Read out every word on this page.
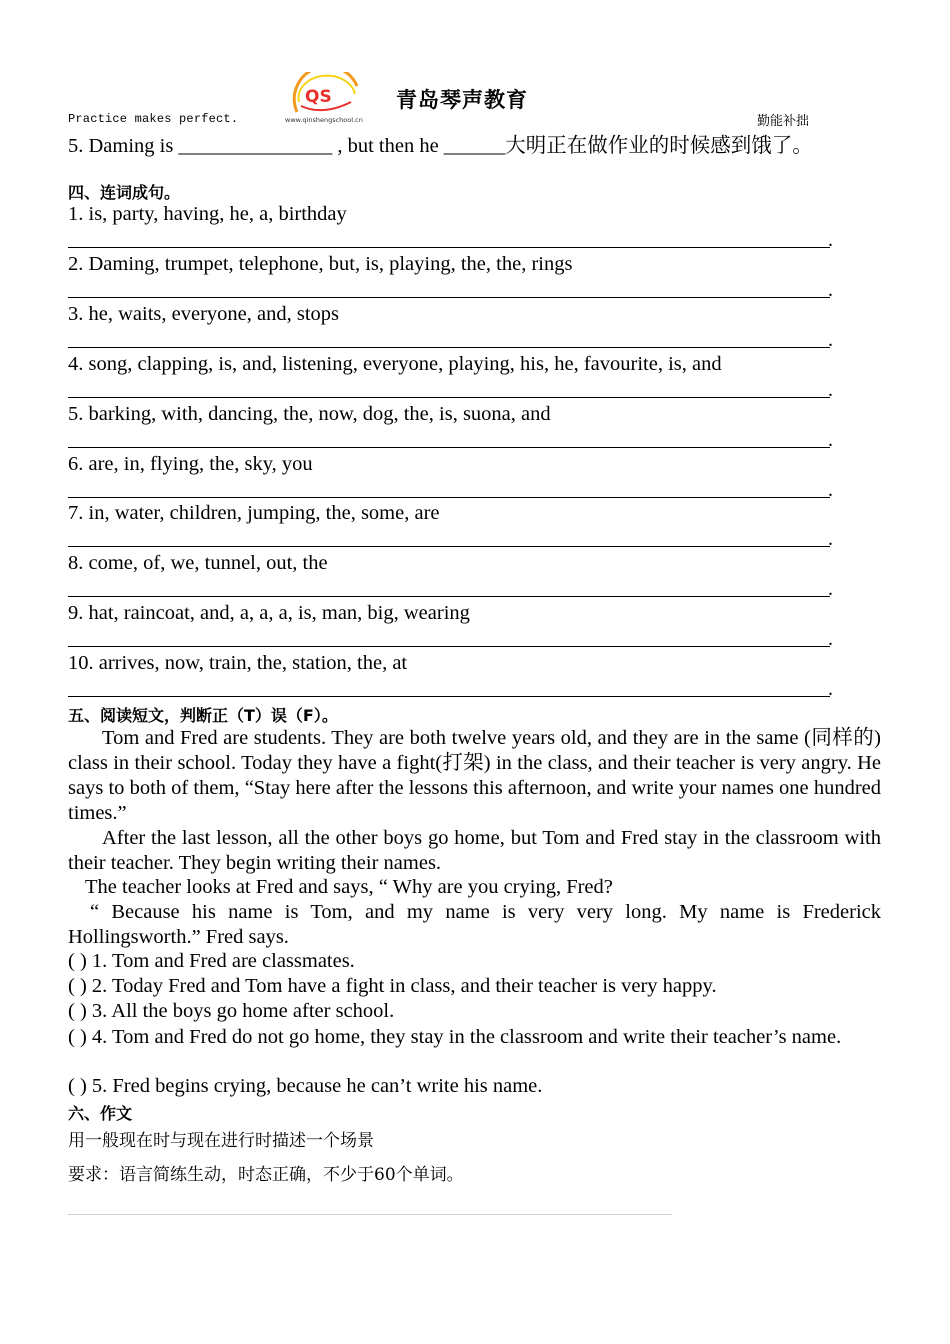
Practice makes perfect.
QS
www.qinshengschool.cn
青岛琴声教育
勤能补拙
5. Daming is _______________ , but then he ______大明正在做作业的时候感到饿了。
四、连词成句。
1. is, party, having, he, a, birthday
.
2. Daming, trumpet, telephone, but, is, playing, the, the, rings
.
3. he, waits, everyone, and, stops
.
4. song, clapping, is, and, listening, everyone, playing, his, he, favourite, is, and
.
5. barking, with, dancing, the, now, dog, the, is, suona, and
.
6. are, in, flying, the, sky, you
.
7. in, water, children, jumping, the, some, are
.
8. come, of, we, tunnel, out, the
.
9. hat, raincoat, and, a, a, a, is, man, big, wearing
.
10. arrives, now, train, the, station, the, at
.
五、阅读短文，判断正（T）误（F）。
Tom and Fred are students. They are both twelve years old, and they are in the same (同样的) class in their school. Today they have a fight(打架) in the class, and their teacher is very angry. He says to both of them, “Stay here after the lessons this afternoon, and write your names one hundred times.”
After the last lesson, all the other boys go home, but Tom and Fred stay in the classroom with their teacher. They begin writing their names.
The teacher looks at Fred and says, “ Why are you crying, Fred?
“ Because his name is Tom, and my name is very very long. My name is Frederick Hollingsworth.” Fred says.
( ) 1. Tom and Fred are classmates.
( ) 2. Today Fred and Tom have a fight in class, and their teacher is very happy.
( ) 3. All the boys go home after school.
( ) 4. Tom and Fred do not go home, they stay in the classroom and write their teacher’s name.
( ) 5. Fred begins crying, because he can’t write his name.
六、作文
用一般现在时与现在进行时描述一个场景
要求：语言简练生动，时态正确，不少于60个单词。
